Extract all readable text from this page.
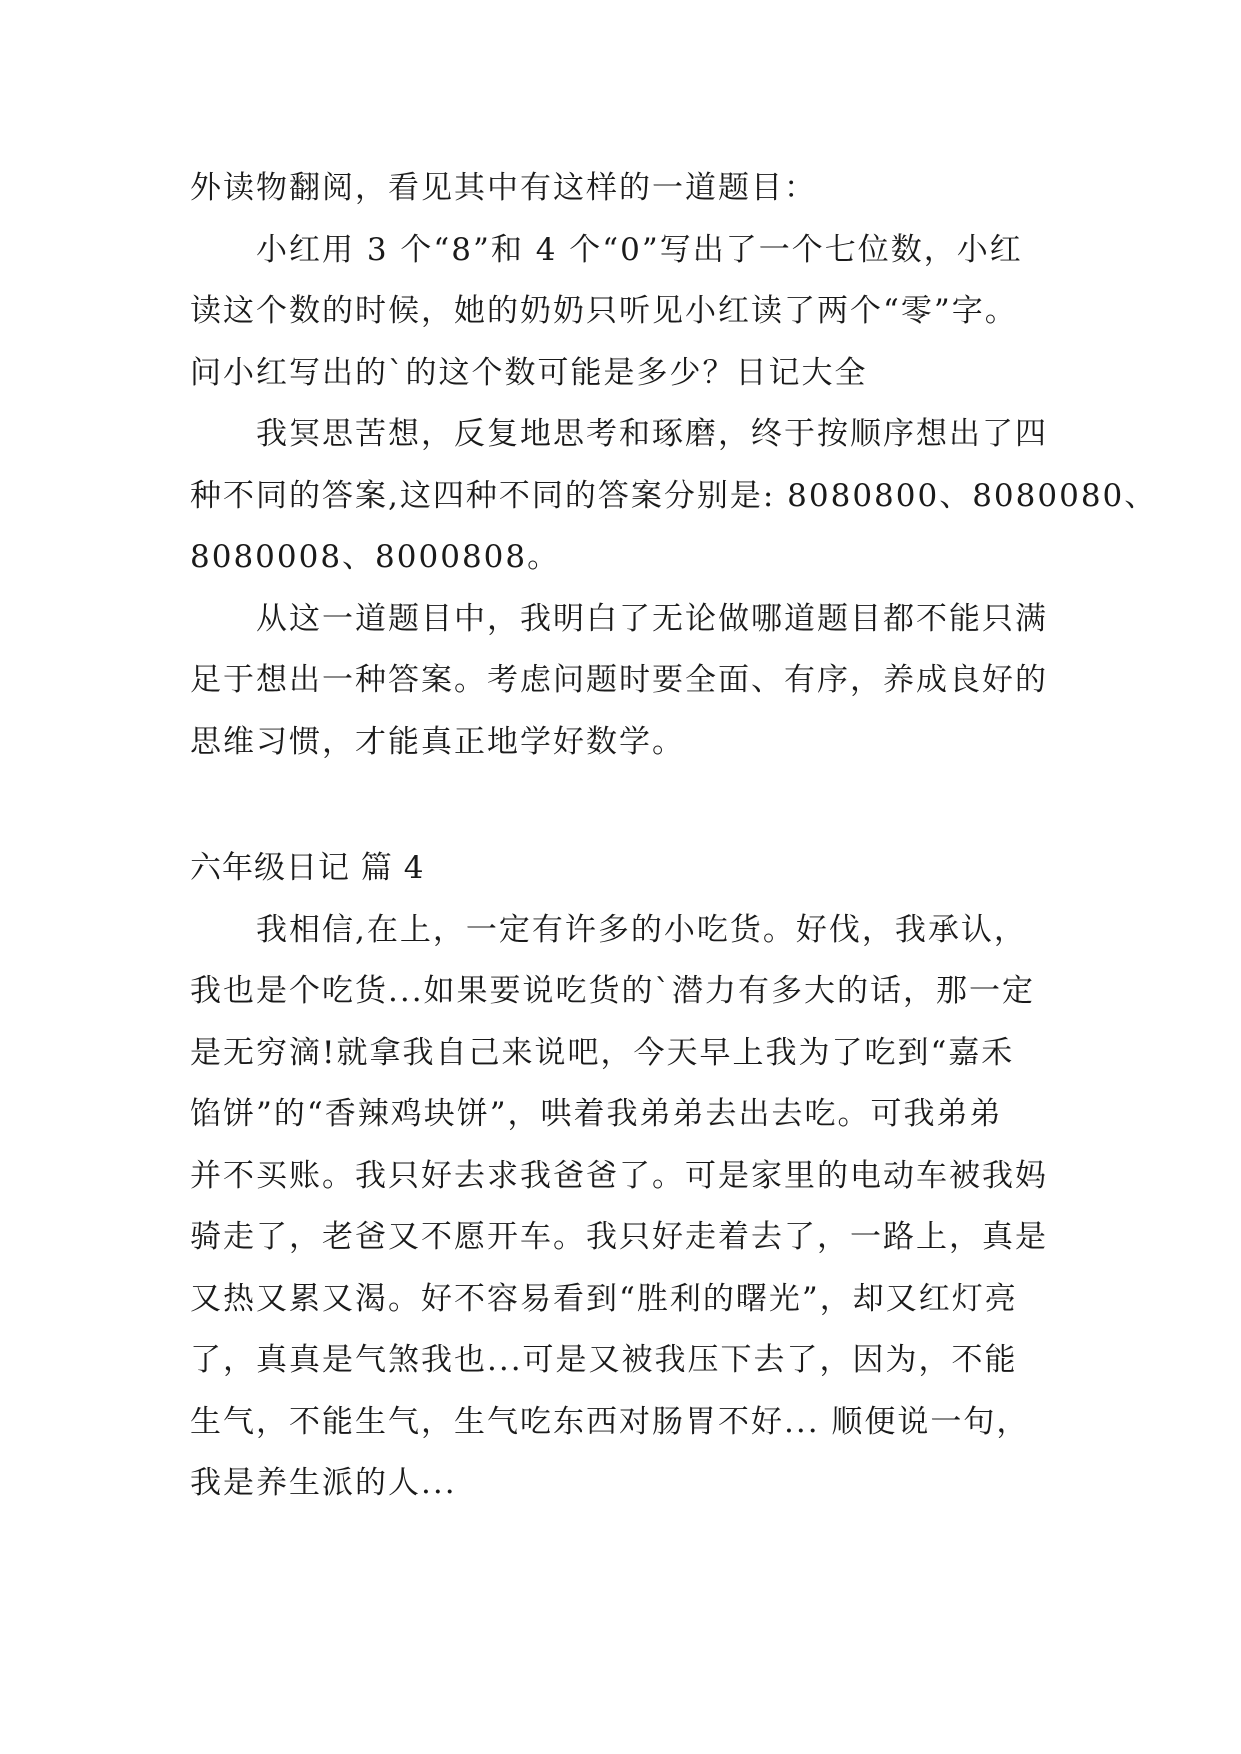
外读物翻阅，看见其中有这样的一道题目：
小红用 3 个“8”和 4 个“0”写出了一个七位数，小红
读这个数的时候，她的奶奶只听见小红读了两个“零”字。
问小红写出的`的这个数可能是多少？日记大全
我冥思苦想，反复地思考和琢磨，终于按顺序想出了四
种不同的答案,这四种不同的答案分别是: 8080800、8080080、
8080008、8000808。
从这一道题目中，我明白了无论做哪道题目都不能只满
足于想出一种答案。考虑问题时要全面、有序，养成良好的
思维习惯，才能真正地学好数学。
六年级日记 篇 4
我相信,在上，一定有许多的小吃货。好伐，我承认，
我也是个吃货...如果要说吃货的`潜力有多大的话，那一定
是无穷滴!就拿我自己来说吧，今天早上我为了吃到“嘉禾
馅饼”的“香辣鸡块饼”，哄着我弟弟去出去吃。可我弟弟
并不买账。我只好去求我爸爸了。可是家里的电动车被我妈
骑走了，老爸又不愿开车。我只好走着去了，一路上，真是
又热又累又渴。好不容易看到“胜利的曙光”，却又红灯亮
了，真真是气煞我也...可是又被我压下去了，因为，不能
生气，不能生气，生气吃东西对肠胃不好... 顺便说一句，
我是养生派的人...
